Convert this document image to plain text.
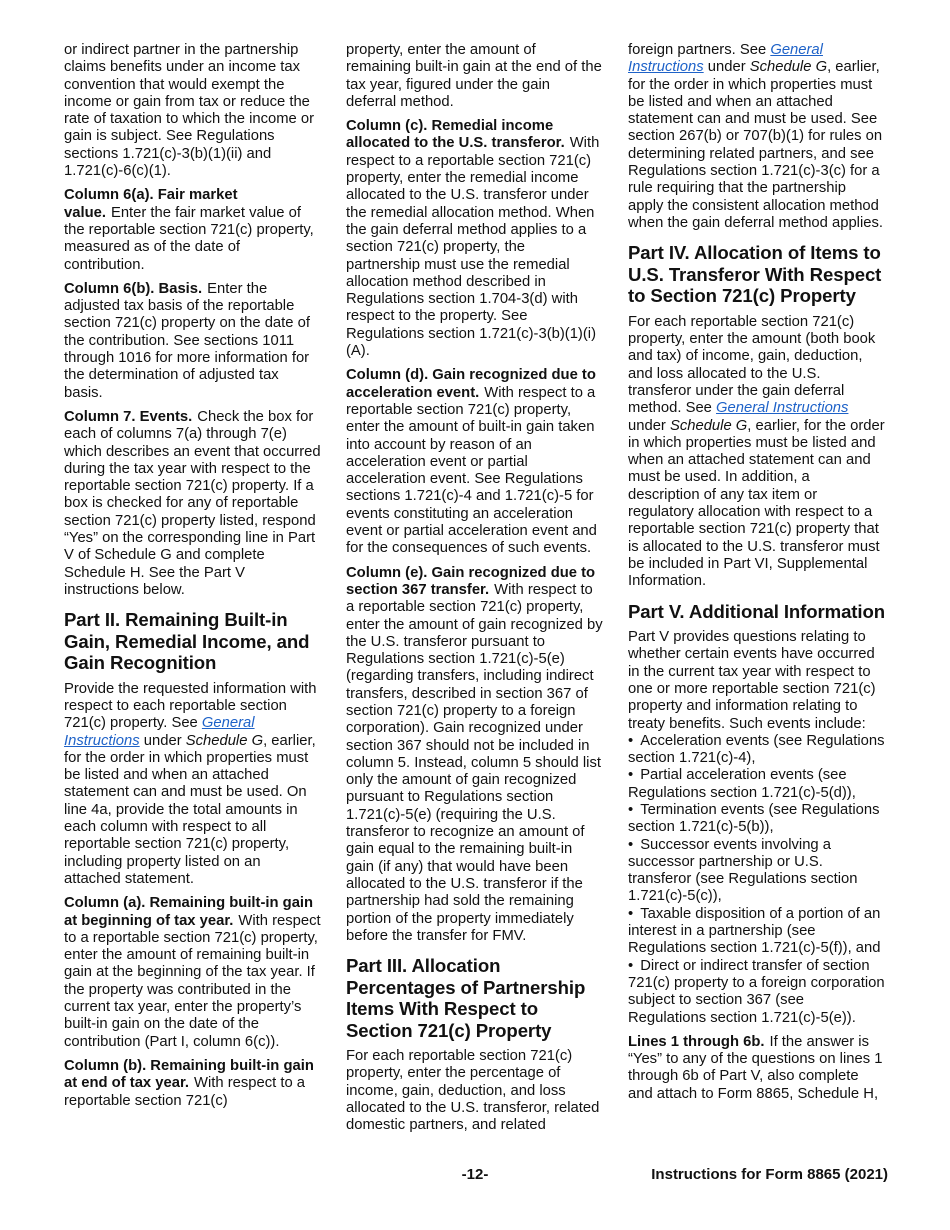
or indirect partner in the partnership claims benefits under an income tax convention that would exempt the income or gain from tax or reduce the rate of taxation to which the income or gain is subject. See Regulations sections 1.721(c)-3(b)(1)(ii) and 1.721(c)-6(c)(1).

Column 6(a). Fair market value. Enter the fair market value of the reportable section 721(c) property, measured as of the date of contribution.

Column 6(b). Basis. Enter the adjusted tax basis of the reportable section 721(c) property on the date of the contribution. See sections 1011 through 1016 for more information for the determination of adjusted tax basis.

Column 7. Events. Check the box for each of columns 7(a) through 7(e) which describes an event that occurred during the tax year with respect to the reportable section 721(c) property. If a box is checked for any of reportable section 721(c) property listed, respond “Yes” on the corresponding line in Part V of Schedule G and complete Schedule H. See the Part V instructions below.

Part II. Remaining Built-in Gain, Remedial Income, and Gain Recognition

Provide the requested information with respect to each reportable section 721(c) property. See General Instructions under Schedule G, earlier, for the order in which properties must be listed and when an attached statement can and must be used. On line 4a, provide the total amounts in each column with respect to all reportable section 721(c) property, including property listed on an attached statement.

Column (a). Remaining built-in gain at beginning of tax year. With respect to a reportable section 721(c) property, enter the amount of remaining built-in gain at the beginning of the tax year. If the property was contributed in the current tax year, enter the property’s built-in gain on the date of the contribution (Part I, column 6(c)).

Column (b). Remaining built-in gain at end of tax year. With respect to a reportable section 721(c)

property, enter the amount of remaining built-in gain at the end of the tax year, figured under the gain deferral method.

Column (c). Remedial income allocated to the U.S. transferor. With respect to a reportable section 721(c) property, enter the remedial income allocated to the U.S. transferor under the remedial allocation method. When the gain deferral method applies to a section 721(c) property, the partnership must use the remedial allocation method described in Regulations section 1.704-3(d) with respect to the property. See Regulations section 1.721(c)-3(b)(1)(i)(A).

Column (d). Gain recognized due to acceleration event. With respect to a reportable section 721(c) property, enter the amount of built-in gain taken into account by reason of an acceleration event or partial acceleration event. See Regulations sections 1.721(c)-4 and 1.721(c)-5 for events constituting an acceleration event or partial acceleration event and for the consequences of such events.

Column (e). Gain recognized due to section 367 transfer. With respect to a reportable section 721(c) property, enter the amount of gain recognized by the U.S. transferor pursuant to Regulations section 1.721(c)-5(e) (regarding transfers, including indirect transfers, described in section 367 of section 721(c) property to a foreign corporation). Gain recognized under section 367 should not be included in column 5. Instead, column 5 should list only the amount of gain recognized pursuant to Regulations section 1.721(c)-5(e) (requiring the U.S. transferor to recognize an amount of gain equal to the remaining built-in gain (if any) that would have been allocated to the U.S. transferor if the partnership had sold the remaining portion of the property immediately before the transfer for FMV.

Part III. Allocation Percentages of Partnership Items With Respect to Section 721(c) Property

For each reportable section 721(c) property, enter the percentage of income, gain, deduction, and loss allocated to the U.S. transferor, related domestic partners, and related

foreign partners. See General Instructions under Schedule G, earlier, for the order in which properties must be listed and when an attached statement can and must be used. See section 267(b) or 707(b)(1) for rules on determining related partners, and see Regulations section 1.721(c)-3(c) for a rule requiring that the partnership apply the consistent allocation method when the gain deferral method applies.

Part IV. Allocation of Items to U.S. Transferor With Respect to Section 721(c) Property

For each reportable section 721(c) property, enter the amount (both book and tax) of income, gain, deduction, and loss allocated to the U.S. transferor under the gain deferral method. See General Instructions under Schedule G, earlier, for the order in which properties must be listed and when an attached statement can and must be used. In addition, a description of any tax item or regulatory allocation with respect to a reportable section 721(c) property that is allocated to the U.S. transferor must be included in Part VI, Supplemental Information.

Part V. Additional Information

Part V provides questions relating to whether certain events have occurred in the current tax year with respect to one or more reportable section 721(c) property and information relating to treaty benefits. Such events include:

• Acceleration events (see Regulations section 1.721(c)-4),

• Partial acceleration events (see Regulations section 1.721(c)-5(d)),

• Termination events (see Regulations section 1.721(c)-5(b)),

• Successor events involving a successor partnership or U.S. transferor (see Regulations section 1.721(c)-5(c)),

• Taxable disposition of a portion of an interest in a partnership (see Regulations section 1.721(c)-5(f)), and

• Direct or indirect transfer of section 721(c) property to a foreign corporation subject to section 367 (see Regulations section 1.721(c)-5(e)).

Lines 1 through 6b. If the answer is “Yes” to any of the questions on lines 1 through 6b of Part V, also complete and attach to Form 8865, Schedule H,

-12-	Instructions for Form 8865 (2021)
